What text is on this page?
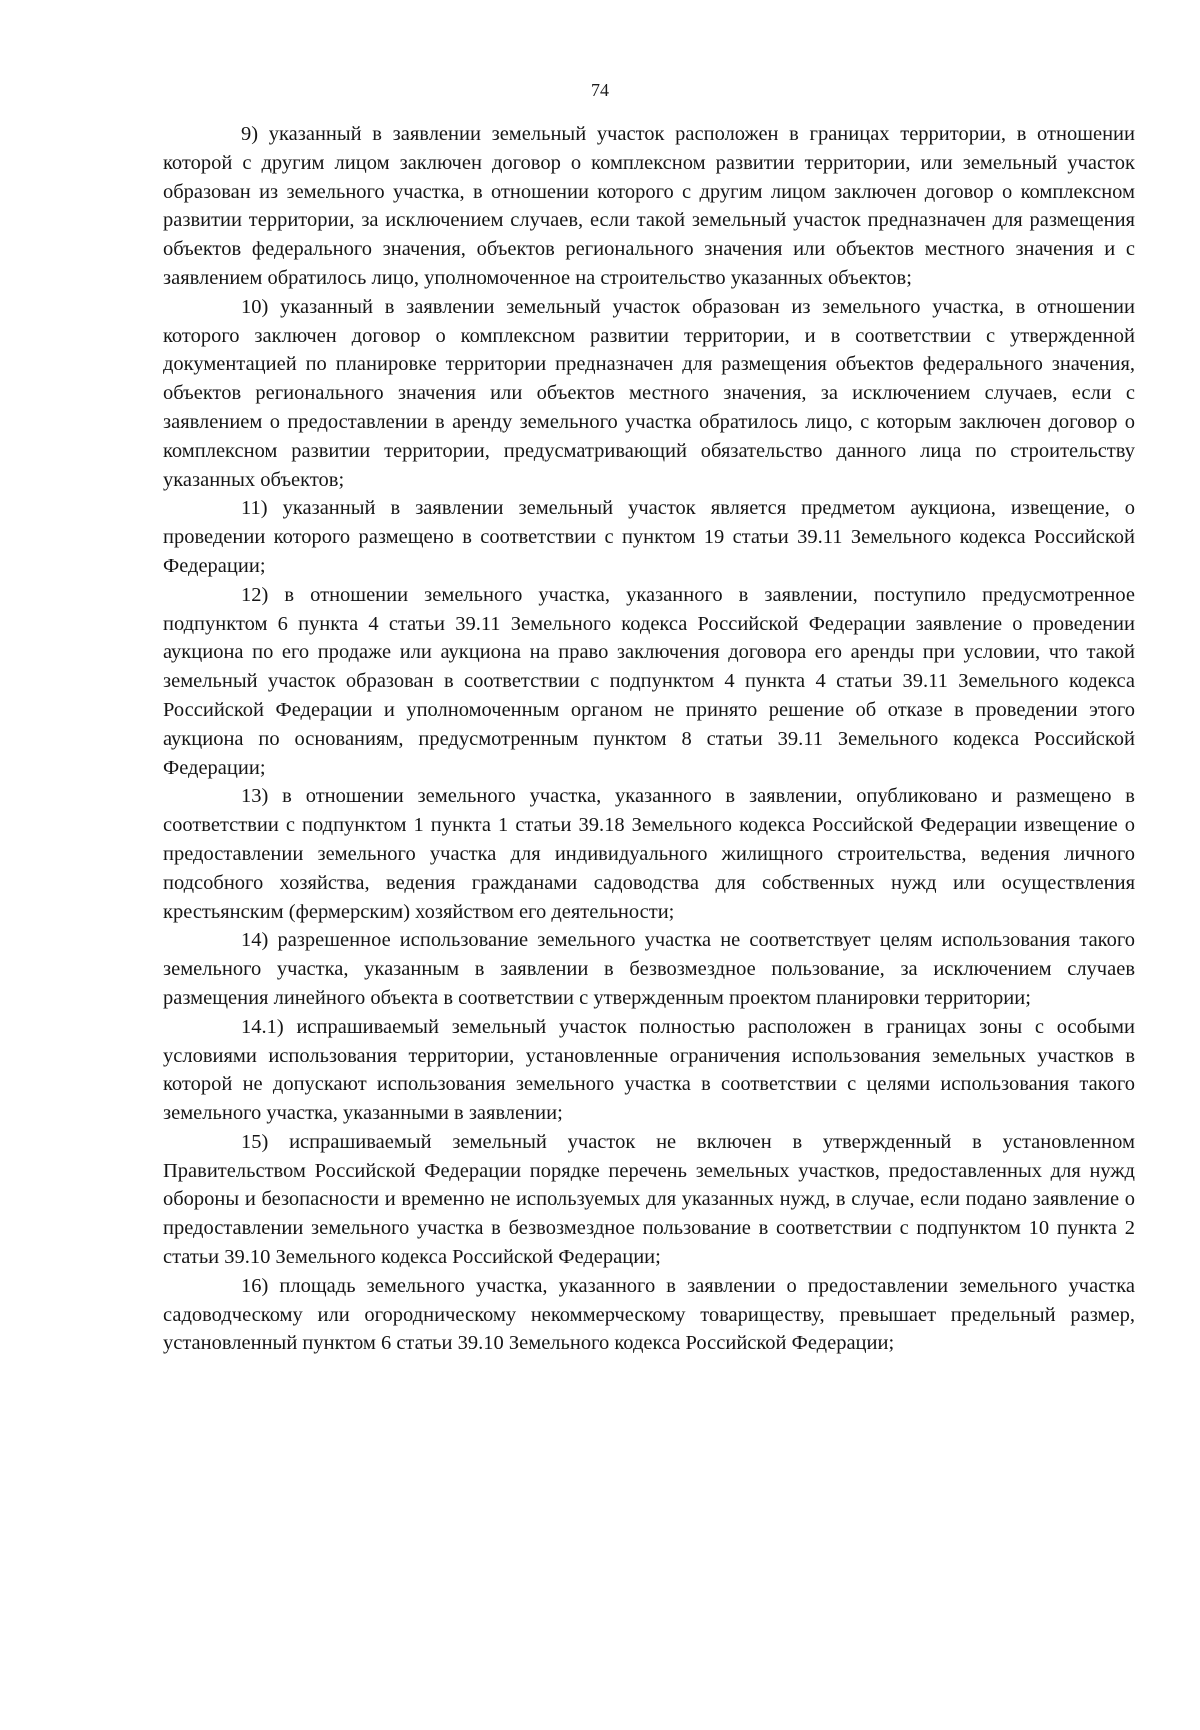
74

9) указанный в заявлении земельный участок расположен в границах территории, в отношении которой с другим лицом заключен договор о комплексном развитии территории, или земельный участок образован из земельного участка, в отношении которого с другим лицом заключен договор о комплексном развитии территории, за исключением случаев, если такой земельный участок предназначен для размещения объектов федерального значения, объектов регионального значения или объектов местного значения и с заявлением обратилось лицо, уполномоченное на строительство указанных объектов;

10) указанный в заявлении земельный участок образован из земельного участка, в отношении которого заключен договор о комплексном развитии территории, и в соответствии с утвержденной документацией по планировке территории предназначен для размещения объектов федерального значения, объектов регионального значения или объектов местного значения, за исключением случаев, если с заявлением о предоставлении в аренду земельного участка обратилось лицо, с которым заключен договор о комплексном развитии территории, предусматривающий обязательство данного лица по строительству указанных объектов;

11) указанный в заявлении земельный участок является предметом аукциона, извещение, о проведении которого размещено в соответствии с пунктом 19 статьи 39.11 Земельного кодекса Российской Федерации;

12) в отношении земельного участка, указанного в заявлении, поступило предусмотренное подпунктом 6 пункта 4 статьи 39.11 Земельного кодекса Российской Федерации заявление о проведении аукциона по его продаже или аукциона на право заключения договора его аренды при условии, что такой земельный участок образован в соответствии с подпунктом 4 пункта 4 статьи 39.11 Земельного кодекса Российской Федерации и уполномоченным органом не принято решение об отказе в проведении этого аукциона по основаниям, предусмотренным пунктом 8 статьи 39.11 Земельного кодекса Российской Федерации;

13) в отношении земельного участка, указанного в заявлении, опубликовано и размещено в соответствии с подпунктом 1 пункта 1 статьи 39.18 Земельного кодекса Российской Федерации извещение о предоставлении земельного участка для индивидуального жилищного строительства, ведения личного подсобного хозяйства, ведения гражданами садоводства для собственных нужд или осуществления крестьянским (фермерским) хозяйством его деятельности;

14) разрешенное использование земельного участка не соответствует целям использования такого земельного участка, указанным в заявлении в безвозмездное пользование, за исключением случаев размещения линейного объекта в соответствии с утвержденным проектом планировки территории;

14.1) испрашиваемый земельный участок полностью расположен в границах зоны с особыми условиями использования территории, установленные ограничения использования земельных участков в которой не допускают использования земельного участка в соответствии с целями использования такого земельного участка, указанными в заявлении;

15) испрашиваемый земельный участок не включен в утвержденный в установленном Правительством Российской Федерации порядке перечень земельных участков, предоставленных для нужд обороны и безопасности и временно не используемых для указанных нужд, в случае, если подано заявление о предоставлении земельного участка в безвозмездное пользование в соответствии с подпунктом 10 пункта 2 статьи 39.10 Земельного кодекса Российской Федерации;

16) площадь земельного участка, указанного в заявлении о предоставлении земельного участка садоводческому или огородническому некоммерческому товариществу, превышает предельный размер, установленный пунктом 6 статьи 39.10 Земельного кодекса Российской Федерации;
